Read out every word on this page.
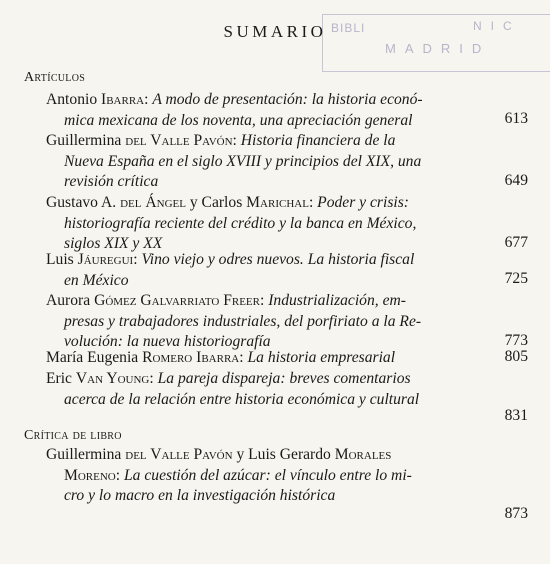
BIBLI	NIC
MADRID
SUMARIO
Artículos
Antonio Ibarra: A modo de presentación: la historia econó-
mica mexicana de los noventa, una apreciación general	613
Guillermina del Valle Pavón: Historia financiera de la
Nueva España en el siglo XVIII y principios del XIX, una
revisión crítica	649
Gustavo A. del Ángel y Carlos Marichal: Poder y crisis:
historiografía reciente del crédito y la banca en México,
siglos XIX y XX	677
Luis Jáuregui: Vino viejo y odres nuevos. La historia fiscal
en México	725
Aurora Gómez Galvarriato Freer: Industrialización, em-
presas y trabajadores industriales, del porfiriato a la Re-
volución: la nueva historiografía	773
María Eugenia Romero Ibarra: La historia empresarial	805
Eric Van Young: La pareja dispareja: breves comentarios
acerca de la relación entre historia económica y cultural
831
Crítica de libro
Guillermina del Valle Pavón y Luis Gerardo Morales
Moreno: La cuestión del azúcar: el vínculo entre lo mi-
cro y lo macro en la investigación histórica
873
